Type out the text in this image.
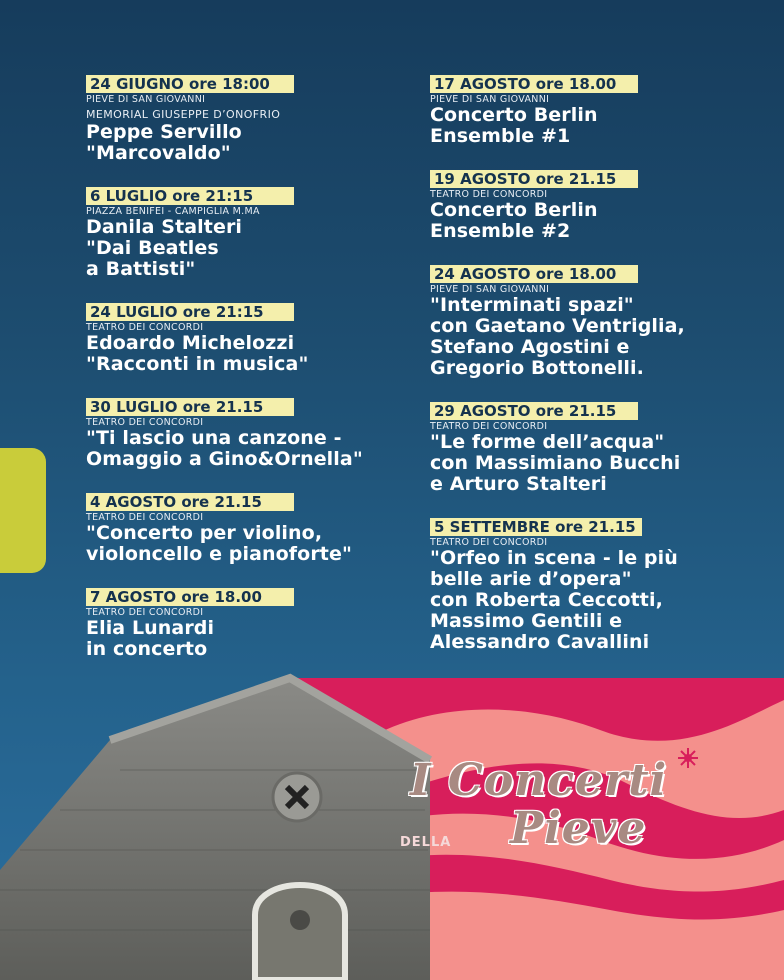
24 GIUGNO ore 18:00
PIEVE DI SAN GIOVANNI
MEMORIAL GIUSEPPE D’ONOFRIO
Peppe Servillo
"Marcovaldo"
6 LUGLIO ore 21:15
PIAZZA BENIFEI - CAMPIGLIA M.MA
Danila Stalteri
"Dai Beatles
a Battisti"
24 LUGLIO ore 21:15
TEATRO DEI CONCORDI
Edoardo Michelozzi
"Racconti in musica"
30 LUGLIO ore 21.15
TEATRO DEI CONCORDI
"Ti lascio una canzone -
Omaggio a Gino&Ornella"
4 AGOSTO ore 21.15
TEATRO DEI CONCORDI
"Concerto per violino,
violoncello e pianoforte"
7 AGOSTO ore 18.00
TEATRO DEI CONCORDI
Elia Lunardi
in concerto
17 AGOSTO ore 18.00
PIEVE DI SAN GIOVANNI
Concerto Berlin
Ensemble #1
19 AGOSTO ore 21.15
TEATRO DEI CONCORDI
Concerto Berlin
Ensemble #2
24 AGOSTO ore 18.00
PIEVE DI SAN GIOVANNI
"Interminati spazi"
con Gaetano Ventriglia,
Stefano Agostini e
Gregorio Bottonelli.
29 AGOSTO ore 21.15
TEATRO DEI CONCORDI
"Le forme dell’acqua"
con Massimiano Bucchi
e Arturo Stalteri
5 SETTEMBRE ore 21.15
TEATRO DEI CONCORDI
"Orfeo in scena - le più
belle arie d’opera"
con Roberta Ceccotti,
Massimo Gentili e
Alessandro Cavallini
I Concerti
Pieve
DELLA
